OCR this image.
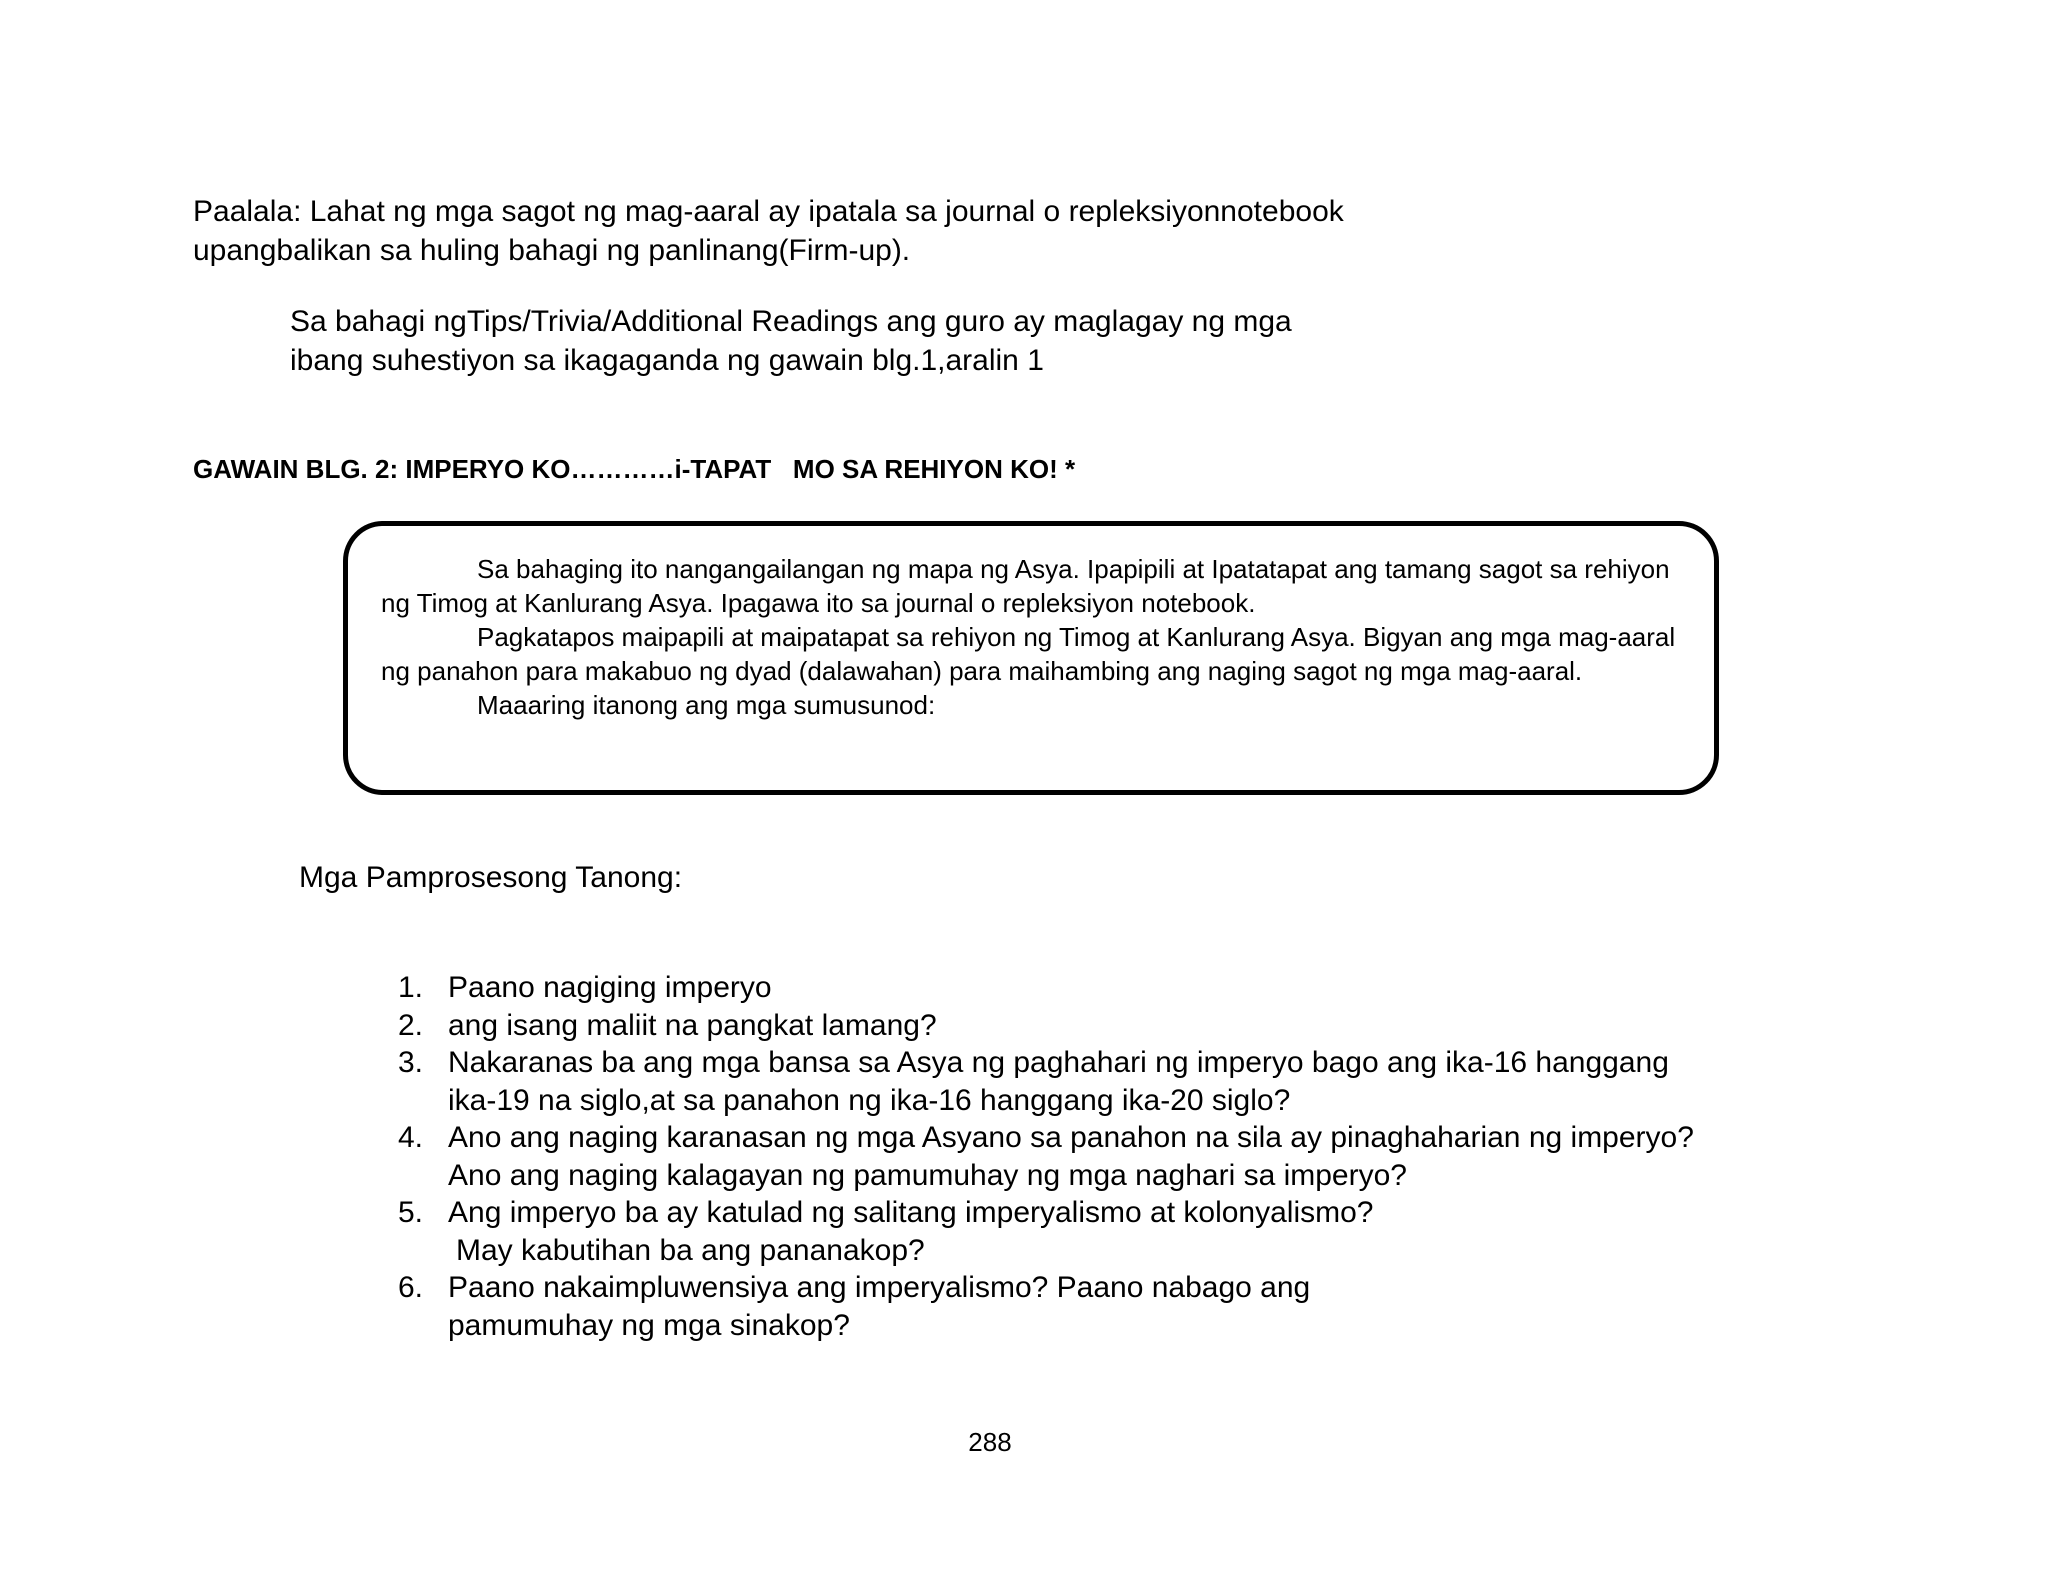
Paalala: Lahat ng mga sagot ng mag-aaral ay ipatala sa journal o repleksiyonnotebook
upangbalikan sa huling bahagi ng panlinang(Firm-up).
Sa bahagi ngTips/Trivia/Additional Readings ang guro ay maglagay ng mga
ibang suhestiyon sa ikagaganda ng gawain blg.1,aralin 1
GAWAIN BLG. 2: IMPERYO KO…………i-TAPAT   MO SA REHIYON KO! *

Sa bahaging ito nangangailangan ng mapa ng Asya. Ipapipili at Ipatatapat ang tamang sagot sa rehiyon ng Timog at Kanlurang Asya. Ipagawa ito sa journal o repleksiyon notebook.

Pagkatapos maipapili at maipatapat sa rehiyon ng Timog at Kanlurang Asya. Bigyan ang mga mag-aaral ng panahon para makabuo ng dyad (dalawahan) para maihambing ang naging sagot ng mga mag-aaral.

Maaaring itanong ang mga sumusunod:

Mga Pamprosesong Tanong:
1. Paano nagiging imperyo
2. ang isang maliit na pangkat lamang?
3. Nakaranas ba ang mga bansa sa Asya ng paghahari ng imperyo bago ang ika-16 hanggang
ika-19 na siglo,at sa panahon ng ika-16 hanggang ika-20 siglo?
4. Ano ang naging karanasan ng mga Asyano sa panahon na sila ay pinaghaharian ng imperyo?
Ano ang naging kalagayan ng pamumuhay ng mga naghari sa imperyo?
5. Ang imperyo ba ay katulad ng salitang imperyalismo at kolonyalismo?
May kabutihan ba ang pananakop?
6. Paano nakaimpluwensiya ang imperyalismo? Paano nabago ang
pamumuhay ng mga sinakop?
288
